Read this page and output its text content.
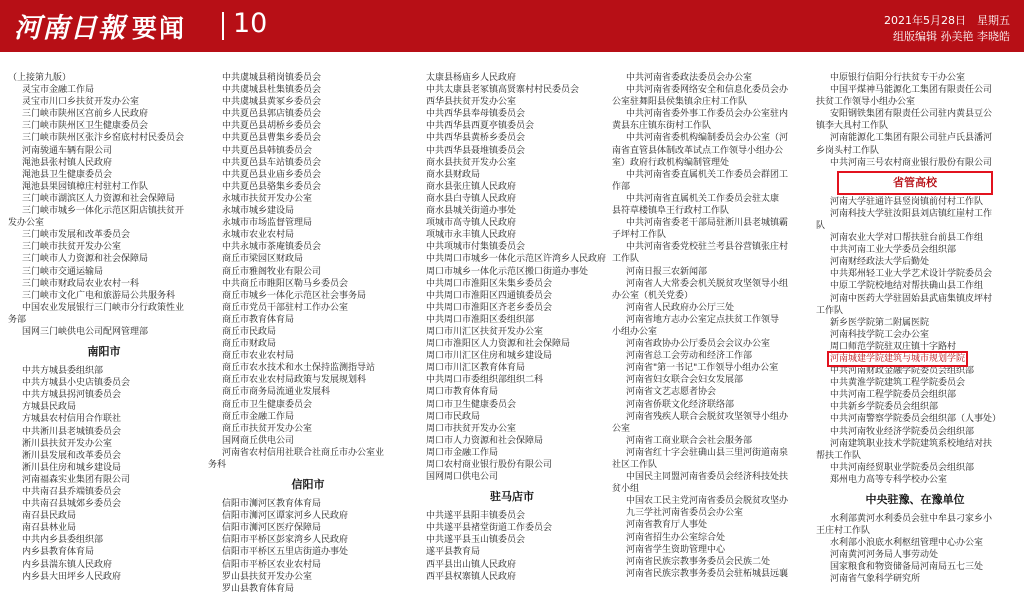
河南日報 要闻 10	2021年5月28日　星期五
组版编辑 孙美艳 李晓皓
（上接第九版）
灵宝市金融工作局
灵宝市川口乡扶贫开发办公室
三门峡市陕州区宫前乡人民政府
三门峡市陕州区卫生健康委员会
三门峡市陕州区张汴乡窑底村村民委员会
河南骏通车辆有限公司
渑池县张村镇人民政府
渑池县卫生健康委员会
渑池县果园镇樟庄村驻村工作队
三门峡市湖滨区人力资源和社会保障局
三门峡市城乡一体化示范区阳店镇扶贫开
发办公室
三门峡市发展和改革委员会
三门峡市扶贫开发办公室
三门峡市人力资源和社会保障局
三门峡市交通运输局
三门峡市财政局农业农村一科
三门峡市文化广电和旅游局公共服务科
中国农业发展银行三门峡市分行政策性业
务部
国网三门峡供电公司配网管理部
南阳市
中共方城县委组织部
中共方城县小史店镇委员会
中共方城县拐河镇委员会
方城县民政局
方城县农村信用合作联社
中共淅川县老城镇委员会
淅川县扶贫开发办公室
淅川县发展和改革委员会
淅川县住房和城乡建设局
河南福森实业集团有限公司
中共南召县乔端镇委员会
中共南召县城郊乡委员会
南召县民政局
南召县林业局
中共内乡县委组织部
内乡县教育体育局
内乡县湍东镇人民政府
内乡县大田坪乡人民政府
中共虞城县稍岗镇委员会
中共虞城县杜集镇委员会
中共虞城县黄冢乡委员会
中共夏邑县郭店镇委员会
中共夏邑县胡桥乡委员会
中共夏邑县曹集乡委员会
中共夏邑县韩镇委员会
中共夏邑县车站镇委员会
中共夏邑县业庙乡委员会
中共夏邑县骆集乡委员会
永城市扶贫开发办公室
永城市城乡建设局
永城市市场监督管理局
永城市农业农村局
中共永城市茶庵镇委员会
商丘市梁园区财政局
商丘市雅阁牧业有限公司
中共商丘市睢阳区勒马乡委员会
商丘市城乡一体化示范区社会事务局
商丘市党员干部驻村工作办公室
商丘市教育体育局
商丘市民政局
商丘市财政局
商丘市农业农村局
商丘市农水技术和水土保持监测指导站
商丘市农业农村局政策与发展规划科
商丘市商务局流通业发展科
商丘市卫生健康委员会
商丘市金融工作局
商丘市扶贫开发办公室
国网商丘供电公司
河南省农村信用社联合社商丘市办公室业
务科
信阳市
信阳市浉河区教育体育局
信阳市浉河区谭家河乡人民政府
信阳市浉河区医疗保障局
信阳市平桥区彭家湾乡人民政府
信阳市平桥区五里店街道办事处
信阳市平桥区农业农村局
罗山县扶贫开发办公室
罗山县教育体育局
太康县杨庙乡人民政府
中共太康县老冢镇高贤寨村村民委员会
西华县扶贫开发办公室
中共西华县奉母镇委员会
中共西华县西夏亭镇委员会
中共西华县黄桥乡委员会
中共西华县聂堆镇委员会
商水县扶贫开发办公室
商水县财政局
商水县张庄镇人民政府
商水县白寺镇人民政府
商水县城关街道办事处
项城市高寺镇人民政府
项城市永丰镇人民政府
中共项城市付集镇委员会
中共周口市城乡一体化示范区许湾乡人民政府
周口市城乡一体化示范区搬口街道办事处
中共周口市淮阳区朱集乡委员会
中共周口市淮阳区四通镇委员会
中共周口市淮阳区齐老乡委员会
中共周口市淮阳区委组织部
周口市川汇区扶贫开发办公室
周口市淮阳区人力资源和社会保障局
周口市川汇区住房和城乡建设局
周口市川汇区教育体育局
中共周口市委组织部组织二科
周口市教育体育局
周口市卫生健康委员会
周口市民政局
周口市扶贫开发办公室
周口市人力资源和社会保障局
周口市金融工作局
周口农村商业银行股份有限公司
国网周口供电公司
驻马店市
中共遂平县阳丰镇委员会
中共遂平县褚堂街道工作委员会
中共遂平县玉山镇委员会
遂平县教育局
西平县出山镇人民政府
西平县权寨镇人民政府
中共河南省委政法委员会办公室
中共河南省委网络安全和信息化委员会办
公室驻舞阳县侯集镇余庄村工作队
中共河南省委外事工作委员会办公室驻内
黄县东庄镇东街村工作队
中共河南省委机构编制委员会办公室（河
南省直管县体制改革试点工作领导小组办公
室）政府行政机构编制管理处
中共河南省委直属机关工作委员会群团工
作部
中共河南省直属机关工作委员会驻太康
县符草楼镇阜王行政村工作队
中共河南省委老干部局驻淅川县老城镇霸
子坪村工作队
中共河南省委党校驻兰考县谷营镇张庄村
工作队
河南日报三农新闻部
河南省人大常委会机关脱贫攻坚领导小组
办公室（机关党委）
河南省人民政府办公厅三处
河南省地方志办公室定点扶贫工作领导
小组办公室
河南省政协办公厅委员会会议办公室
河南省总工会劳动和经济工作部
河南省"第一书记"工作领导小组办公室
河南省妇女联合会妇女发展部
河南省文艺志愿者协会
河南省侨联文化经济联络部
河南省残疾人联合会脱贫攻坚领导小组办
公室
河南省工商业联合会社会服务部
河南省红十字会驻确山县三里河街道南泉
社区工作队
中国民主同盟河南省委员会经济科技处扶
贫小组
中国农工民主党河南省委员会脱贫攻坚办
九三学社河南省委员会办公室
河南省教育厅人事处
河南省招生办公室综合处
河南省学生资助管理中心
河南省民族宗教事务委员会民族二处
河南省民族宗教事务委员会驻柘城县远襄
中原银行信阳分行扶贫专干办公室
中国平煤神马能源化工集团有限责任公司
扶贫工作领导小组办公室
安阳钢铁集团有限责任公司驻内黄县豆公
镇李大具村工作队
河南能源化工集团有限公司驻卢氏县潘河
乡岗头村工作队
中共河南三号农村商业银行股份有限公司
省管高校
河南大学驻通许县竖岗镇前付村工作队
河南科技大学驻汝阳县刘店镇红崖村工作
队
河南农业大学对口帮扶驻台前县工作组
中共河南工业大学委员会组织部
河南财经政法大学后勤处
中共郑州轻工业大学艺术设计学院委员会
中原工学院校地结对帮扶确山县工作组
河南中医药大学驻固始县武庙集镇皮坪村
工作队
新乡医学院第二附属医院
河南科技学院工会办公室
周口师范学院驻双庄镇十字路村
河南城建学院建筑与城市规划学院
中共河南财政金融学院委员会组织部
中共黄淮学院建筑工程学院委员会
中共河南工程学院委员会组织部
中共新乡学院委员会组织部
中共河南警察学院委员会组织部（人事处）
中共河南牧业经济学院委员会组织部
河南建筑职业技术学院建筑系校地结对扶
帮扶工作队
中共河南经贸职业学院委员会组织部
郑州电力高等专科学校办公室
中央驻豫、在豫单位
水利部黄河水利委员会驻中牟县刁家乡小
王庄村工作队
水利部小浪底水利枢纽管理中心办公室
河南黄河河务局人事劳动处
国家粮食和物资储备局河南局五七三处
河南省气象科学研究所
